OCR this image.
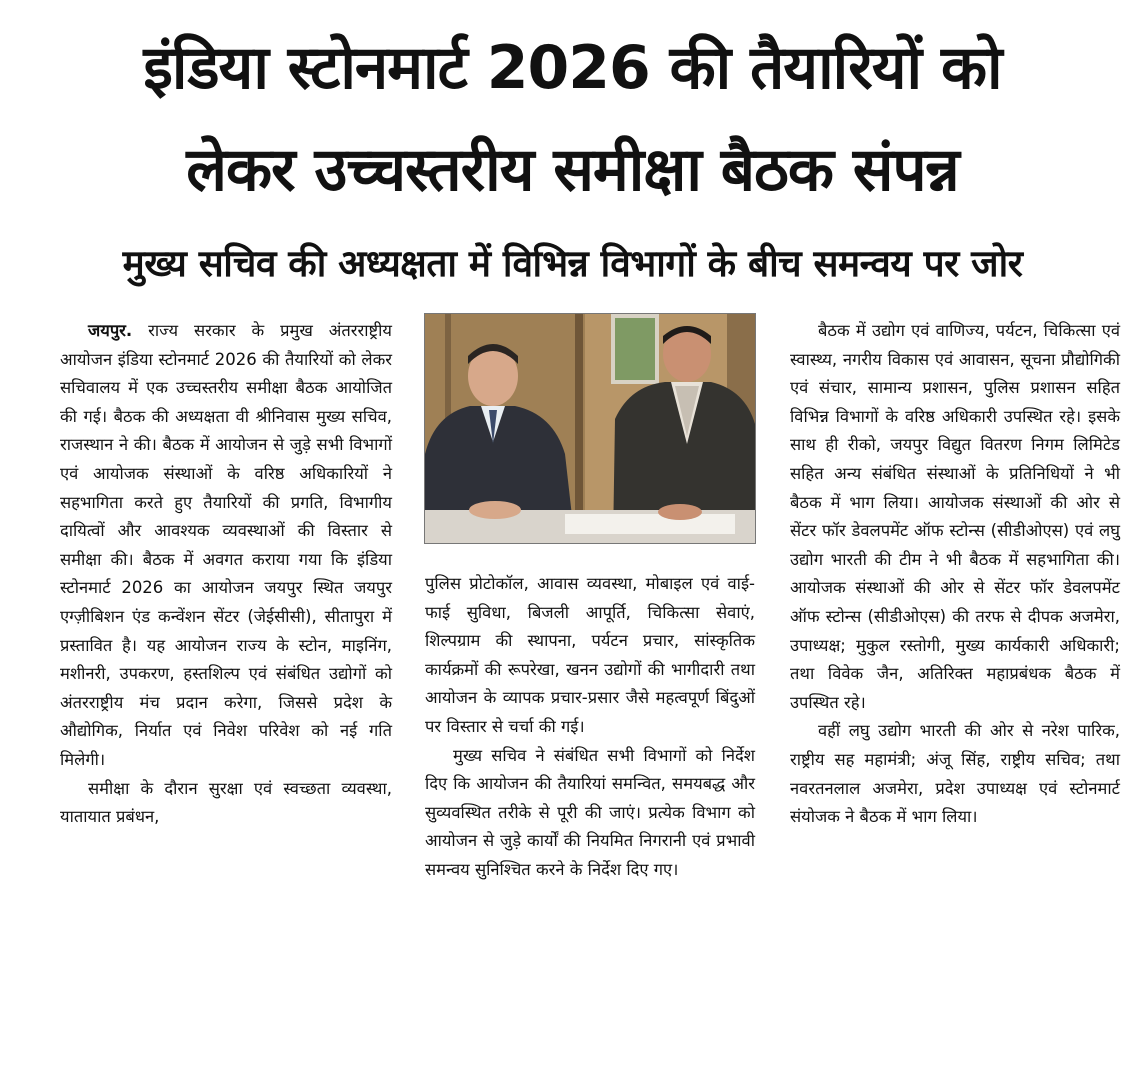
इंडिया स्टोनमार्ट 2026 की तैयारियों को
लेकर उच्चस्तरीय समीक्षा बैठक संपन्न
मुख्य सचिव की अध्यक्षता में विभिन्न विभागों के बीच समन्वय पर जोर

जयपुर. राज्य सरकार के प्रमुख अंतरराष्ट्रीय आयोजन इंडिया स्टोनमार्ट 2026 की तैयारियों को लेकर सचिवालय में एक उच्चस्तरीय समीक्षा बैठक आयोजित की गई। बैठक की अध्यक्षता वी श्रीनिवास मुख्य सचिव, राजस्थान ने की। बैठक में आयोजन से जुड़े सभी विभागों एवं आयोजक संस्थाओं के वरिष्ठ अधिकारियों ने सहभागिता करते हुए तैयारियों की प्रगति, विभागीय दायित्वों और आवश्यक व्यवस्थाओं की विस्तार से समीक्षा की। बैठक में अवगत कराया गया कि इंडिया स्टोनमार्ट 2026 का आयोजन जयपुर स्थित जयपुर एग्ज़ीबिशन एंड कन्वेंशन सेंटर (जेईसीसी), सीतापुरा में प्रस्तावित है। यह आयोजन राज्य के स्टोन, माइनिंग, मशीनरी, उपकरण, हस्तशिल्प एवं संबंधित उद्योगों को अंतरराष्ट्रीय मंच प्रदान करेगा, जिससे प्रदेश के औद्योगिक, निर्यात एवं निवेश परिवेश को नई गति मिलेगी।

समीक्षा के दौरान सुरक्षा एवं स्वच्छता व्यवस्था, यातायात प्रबंधन,

पुलिस प्रोटोकॉल, आवास व्यवस्था, मोबाइल एवं वाई-फाई सुविधा, बिजली आपूर्ति, चिकित्सा सेवाएं, शिल्पग्राम की स्थापना, पर्यटन प्रचार, सांस्कृतिक कार्यक्रमों की रूपरेखा, खनन उद्योगों की भागीदारी तथा आयोजन के व्यापक प्रचार-प्रसार जैसे महत्वपूर्ण बिंदुओं पर विस्तार से चर्चा की गई।

मुख्य सचिव ने संबंधित सभी विभागों को निर्देश दिए कि आयोजन की तैयारियां समन्वित, समयबद्ध और सुव्यवस्थित तरीके से पूरी की जाएं। प्रत्येक विभाग को आयोजन से जुड़े कार्यों की नियमित निगरानी एवं प्रभावी समन्वय सुनिश्चित करने के निर्देश दिए गए।

बैठक में उद्योग एवं वाणिज्य, पर्यटन, चिकित्सा एवं स्वास्थ्य, नगरीय विकास एवं आवासन, सूचना प्रौद्योगिकी एवं संचार, सामान्य प्रशासन, पुलिस प्रशासन सहित विभिन्न विभागों के वरिष्ठ अधिकारी उपस्थित रहे। इसके साथ ही रीको, जयपुर विद्युत वितरण निगम लिमिटेड सहित अन्य संबंधित संस्थाओं के प्रतिनिधियों ने भी बैठक में भाग लिया। आयोजक संस्थाओं की ओर से सेंटर फॉर डेवलपमेंट ऑफ स्टोन्स (सीडीओएस) एवं लघु उद्योग भारती की टीम ने भी बैठक में सहभागिता की। आयोजक संस्थाओं की ओर से सेंटर फॉर डेवलपमेंट ऑफ स्टोन्स (सीडीओएस) की तरफ से दीपक अजमेरा, उपाध्यक्ष; मुकुल रस्तोगी, मुख्य कार्यकारी अधिकारी; तथा विवेक जैन, अतिरिक्त महाप्रबंधक बैठक में उपस्थित रहे।

वहीं लघु उद्योग भारती की ओर से नरेश पारिक, राष्ट्रीय सह महामंत्री; अंजू सिंह, राष्ट्रीय सचिव; तथा नवरतनलाल अजमेरा, प्रदेश उपाध्यक्ष एवं स्टोनमार्ट संयोजक ने बैठक में भाग लिया।
